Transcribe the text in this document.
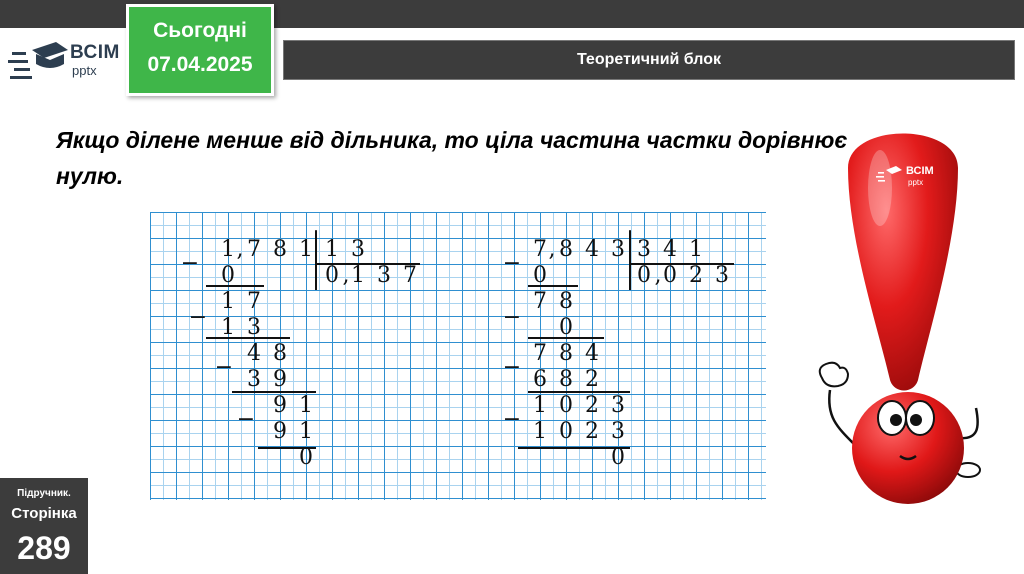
ВСІМ
pptx
Сьогодні
07.04.2025	Теоретичний блок
Якщо ділене менше від дільника, то ціла частина частки дорівнює нулю.
1 , 7 8 1 1 3
0 , 1 3 7
0
1 7
1 3
4 8
3 9
9 1
9 1
0
−
−
−
−
7 , 8 4 3 3 4 1
0 , 0 2 3
0
7 8
0
7 8 4
6 8 2
1 0 2 3
1 0 2 3
0
−
−
−
−
Підручник.
Сторінка
289
ВСІМ
pptx
